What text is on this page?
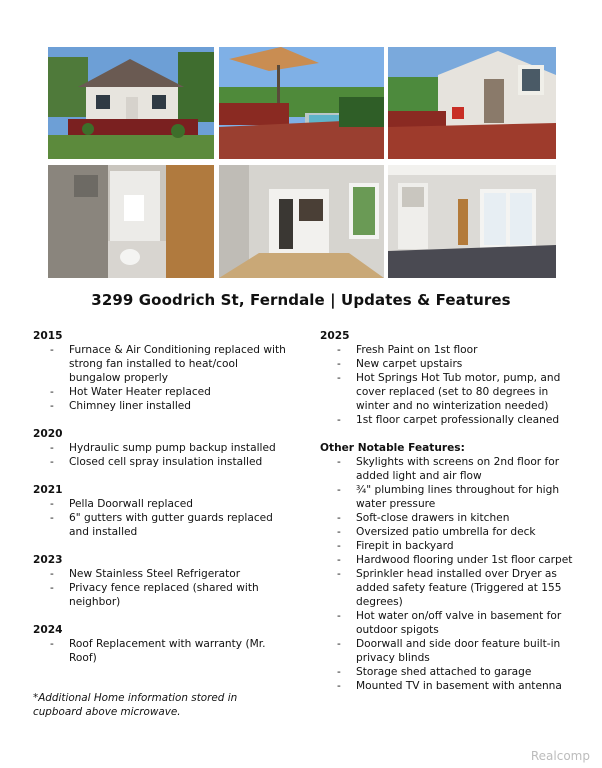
3299 Goodrich St, Ferndale | Updates & Features
2015
- Furnace & Air Conditioning replaced with strong fan installed to heat/cool bungalow properly
- Hot Water Heater replaced
- Chimney liner installed
2020
- Hydraulic sump pump backup installed
- Closed cell spray insulation installed
2021
- Pella Doorwall replaced
- 6" gutters with gutter guards replaced and installed
2023
- New Stainless Steel Refrigerator
- Privacy fence replaced (shared with neighbor)
2024
- Roof Replacement with warranty (Mr. Roof)
*Additional Home information stored in cupboard above microwave.
2025
- Fresh Paint on 1st floor
- New carpet upstairs
- Hot Springs Hot Tub motor, pump, and cover replaced (set to 80 degrees in winter and no winterization needed)
- 1st floor carpet professionally cleaned
Other Notable Features:
- Skylights with screens on 2nd floor for added light and air flow
- ¾" plumbing lines throughout for high water pressure
- Soft-close drawers in kitchen
- Oversized patio umbrella for deck
- Firepit in backyard
- Hardwood flooring under 1st floor carpet
- Sprinkler head installed over Dryer as added safety feature (Triggered at 155 degrees)
- Hot water on/off valve in basement for outdoor spigots
- Doorwall and side door feature built-in privacy blinds
- Storage shed attached to garage
- Mounted TV in basement with antenna
Realcomp
